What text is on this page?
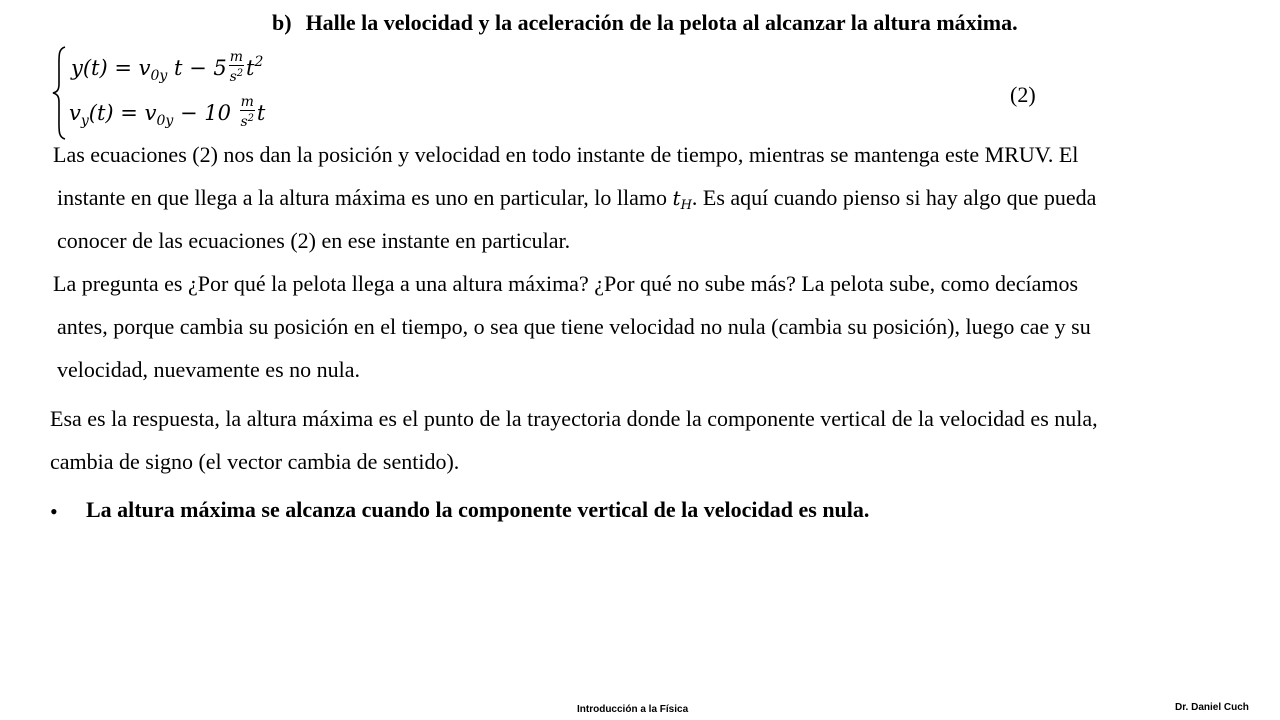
b) Halle la velocidad y la aceleración de la pelota al alcanzar la altura máxima.
$y(t) = v_{0y}$ $t - 5 \frac{m}{s^2} t^2$
$v_y(t) = v_{0y} - 10 \frac{m}{s^2}$ t
(2)
Las ecuaciones (2) nos dan la posición y velocidad en todo instante de tiempo, mientras se mantenga este MRUV. El
instante en que llega a la altura máxima es uno en particular, lo llamo $t_H$. Es aquí cuando pienso si hay algo que pueda
conocer de las ecuaciones (2) en ese instante en particular.
La pregunta es ¿Por qué la pelota llega a una altura máxima? ¿Por qué no sube más? La pelota sube, como decíamos
antes, porque cambia su posición en el tiempo, o sea que tiene velocidad no nula (cambia su posición), luego cae y su
velocidad, nuevamente es no nula.
Esa es la respuesta, la altura máxima es el punto de la trayectoria donde la componente vertical de la velocidad es nula,
cambia de signo (el vector cambia de sentido).
• La altura máxima se alcanza cuando la componente vertical de la velocidad es nula.
Introducción a la Física	Dr. Daniel Cuch
